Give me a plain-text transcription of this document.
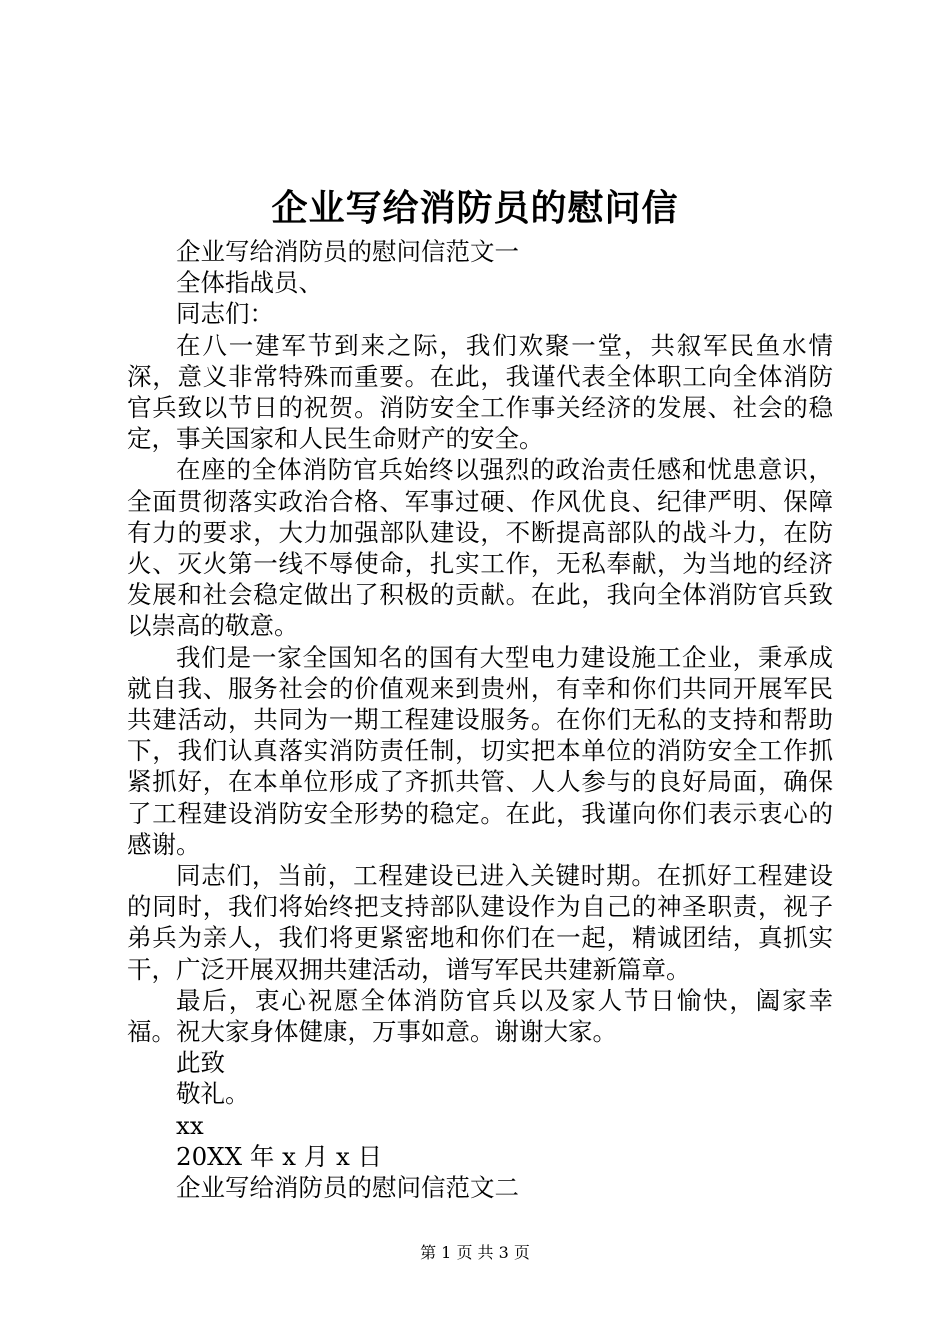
企业写给消防员的慰问信

企业写给消防员的慰问信范文一

全体指战员、

同志们：

在八一建军节到来之际，我们欢聚一堂，共叙军民鱼水情深，意义非常特殊而重要。在此，我谨代表全体职工向全体消防官兵致以节日的祝贺。消防安全工作事关经济的发展、社会的稳定，事关国家和人民生命财产的安全。

在座的全体消防官兵始终以强烈的政治责任感和忧患意识，全面贯彻落实政治合格、军事过硬、作风优良、纪律严明、保障有力的要求，大力加强部队建设，不断提高部队的战斗力，在防火、灭火第一线不辱使命，扎实工作，无私奉献，为当地的经济发展和社会稳定做出了积极的贡献。在此，我向全体消防官兵致以崇高的敬意。

我们是一家全国知名的国有大型电力建设施工企业，秉承成就自我、服务社会的价值观来到贵州，有幸和你们共同开展军民共建活动，共同为一期工程建设服务。在你们无私的支持和帮助下，我们认真落实消防责任制，切实把本单位的消防安全工作抓紧抓好，在本单位形成了齐抓共管、人人参与的良好局面，确保了工程建设消防安全形势的稳定。在此，我谨向你们表示衷心的感谢。

同志们，当前，工程建设已进入关键时期。在抓好工程建设的同时，我们将始终把支持部队建设作为自己的神圣职责，视子弟兵为亲人，我们将更紧密地和你们在一起，精诚团结，真抓实干，广泛开展双拥共建活动，谱写军民共建新篇章。

最后，衷心祝愿全体消防官兵以及家人节日愉快，阖家幸福。祝大家身体健康，万事如意。谢谢大家。

此致

敬礼。

xx

20XX 年 x 月 x 日

企业写给消防员的慰问信范文二

第 1 页 共 3 页
